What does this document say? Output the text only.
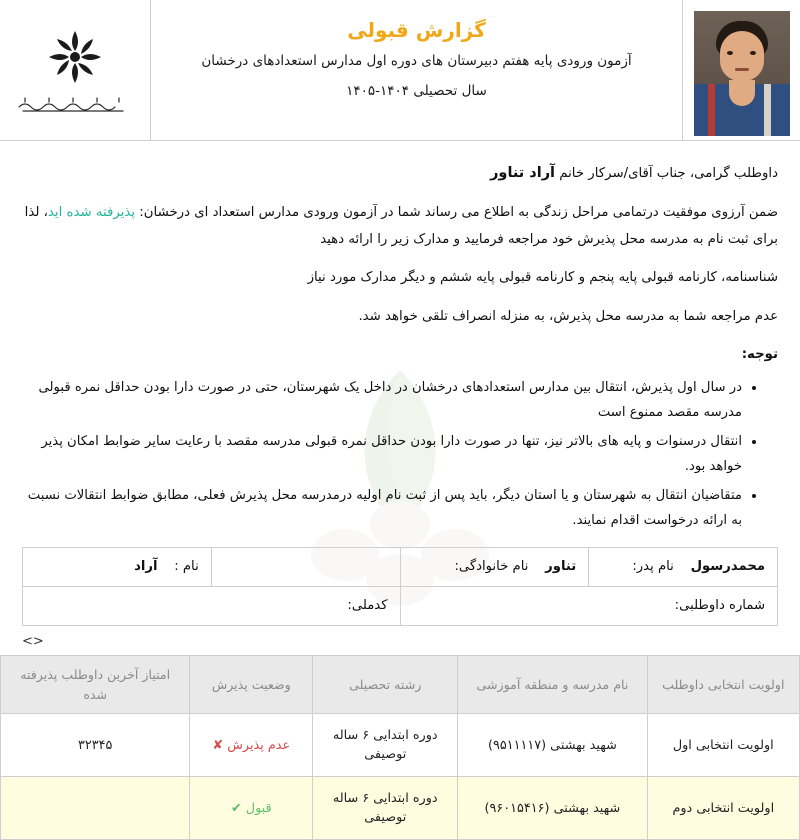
گزارش قبولی
آزمون ورودی پایه هفتم دبیرستان های دوره اول مدارس استعدادهای درخشان
سال تحصیلی ۱۴۰۴-۱۴۰۵

داوطلب گرامی، جناب آقای/سرکار خانم آراد تناور

ضمن آرزوی موفقیت درتمامی مراحل زندگی به اطلاع می رساند شما در آزمون ورودی مدارس استعداد ای درخشان: پذیرفته شده اید، لذا برای ثبت نام به مدرسه محل پذیرش خود مراجعه فرمایید و مدارک زیر را ارائه دهید

شناسنامه، کارنامه قبولی پایه پنجم و کارنامه قبولی پایه ششم و دیگر مدارک مورد نیاز

عدم مراجعه شما به مدرسه محل پذیرش، به منزله انصراف تلقی خواهد شد.

توجه:
• در سال اول پذیرش، انتقال بین مدارس استعدادهای درخشان در داخل یک شهرستان، حتی در صورت دارا بودن حداقل نمره قبولی مدرسه مقصد ممنوع است
• انتقال درسنوات و پایه های بالاتر نیز، تنها در صورت دارا بودن حداقل نمره قبولی مدرسه مقصد با رعایت سایر ضوابط امکان پذیر خواهد بود.
• متقاضیان انتقال به شهرستان و یا استان دیگر، باید پس از ثبت نام اولیه درمدرسه محل پذیرش فعلی، مطابق ضوابط انتقالات نسبت به ارائه درخواست اقدام نمایند.
محمدرسول    نام پدر:	تناور    نام خانوادگی:		نام :    آراد
شماره داوطلبی:		کدملی:	
<>
اولویت انتخابی داوطلب	نام مدرسه و منطقه آموزشی	رشته تحصیلی	وضعیت پذیرش	امتیاز آخرین داوطلب پذیرفته شده
اولویت انتخابی اول	شهید بهشتی (۹۵۱۱۱۱۷)	دوره ابتدایی ۶ ساله توصیفی	عدم پذیرش ✘	۳۲۳۴۵
اولویت انتخابی دوم	شهید بهشتی (۹۶۰۱۵۴۱۶)	دوره ابتدایی ۶ ساله توصیفی	قبول ✔	
